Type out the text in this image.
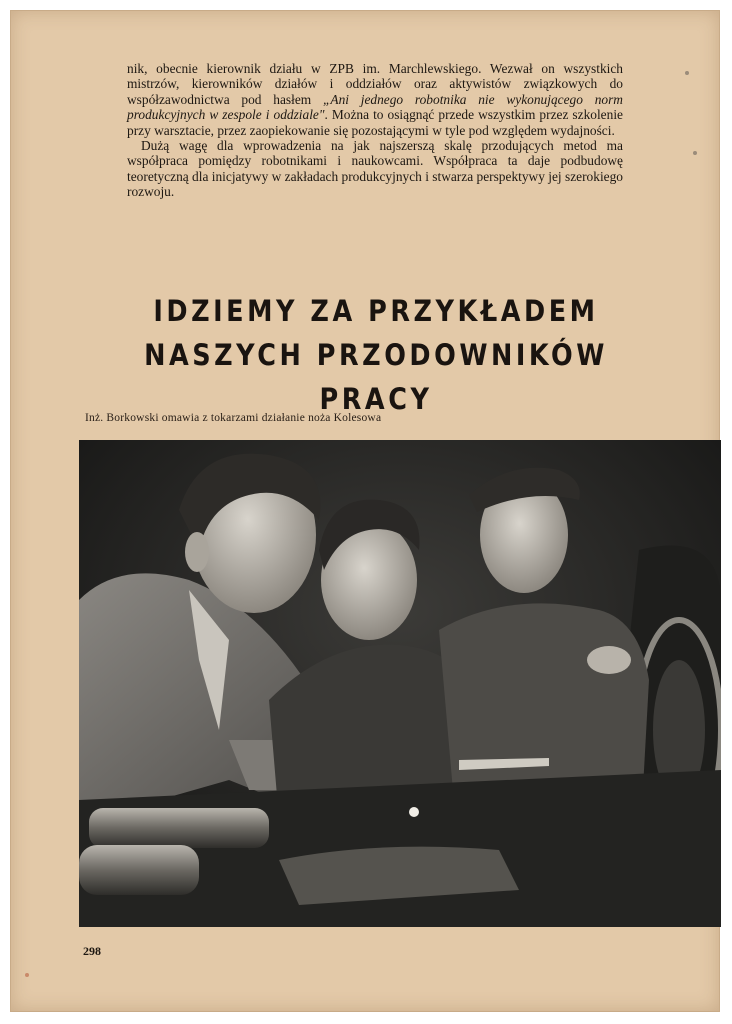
nik, obecnie kierownik działu w ZPB im. Marchlewskiego. Wezwał on wszystkich mistrzów, kierowników działów i oddziałów oraz aktywistów związkowych do współzawodnictwa pod hasłem „Ani jednego robotnika nie wykonującego norm produkcyjnych w zespole i oddziale". Można to osiągnąć przede wszystkim przez szkolenie przy warsztacie, przez zaopiekowanie się pozostającymi w tyle pod względem wydajności.

Dużą wagę dla wprowadzenia na jak najszerszą skalę przodujących metod ma współpraca pomiędzy robotnikami i naukowcami. Współpraca ta daje podbudowę teoretyczną dla inicjatywy w zakładach produkcyjnych i stwarza perspektywy jej szerokiego rozwoju.

IDZIEMY ZA PRZYKŁADEM
NASZYCH PRZODOWNIKÓW PRACY
Inż. Borkowski omawia z tokarzami działanie noża Kolesowa
298
